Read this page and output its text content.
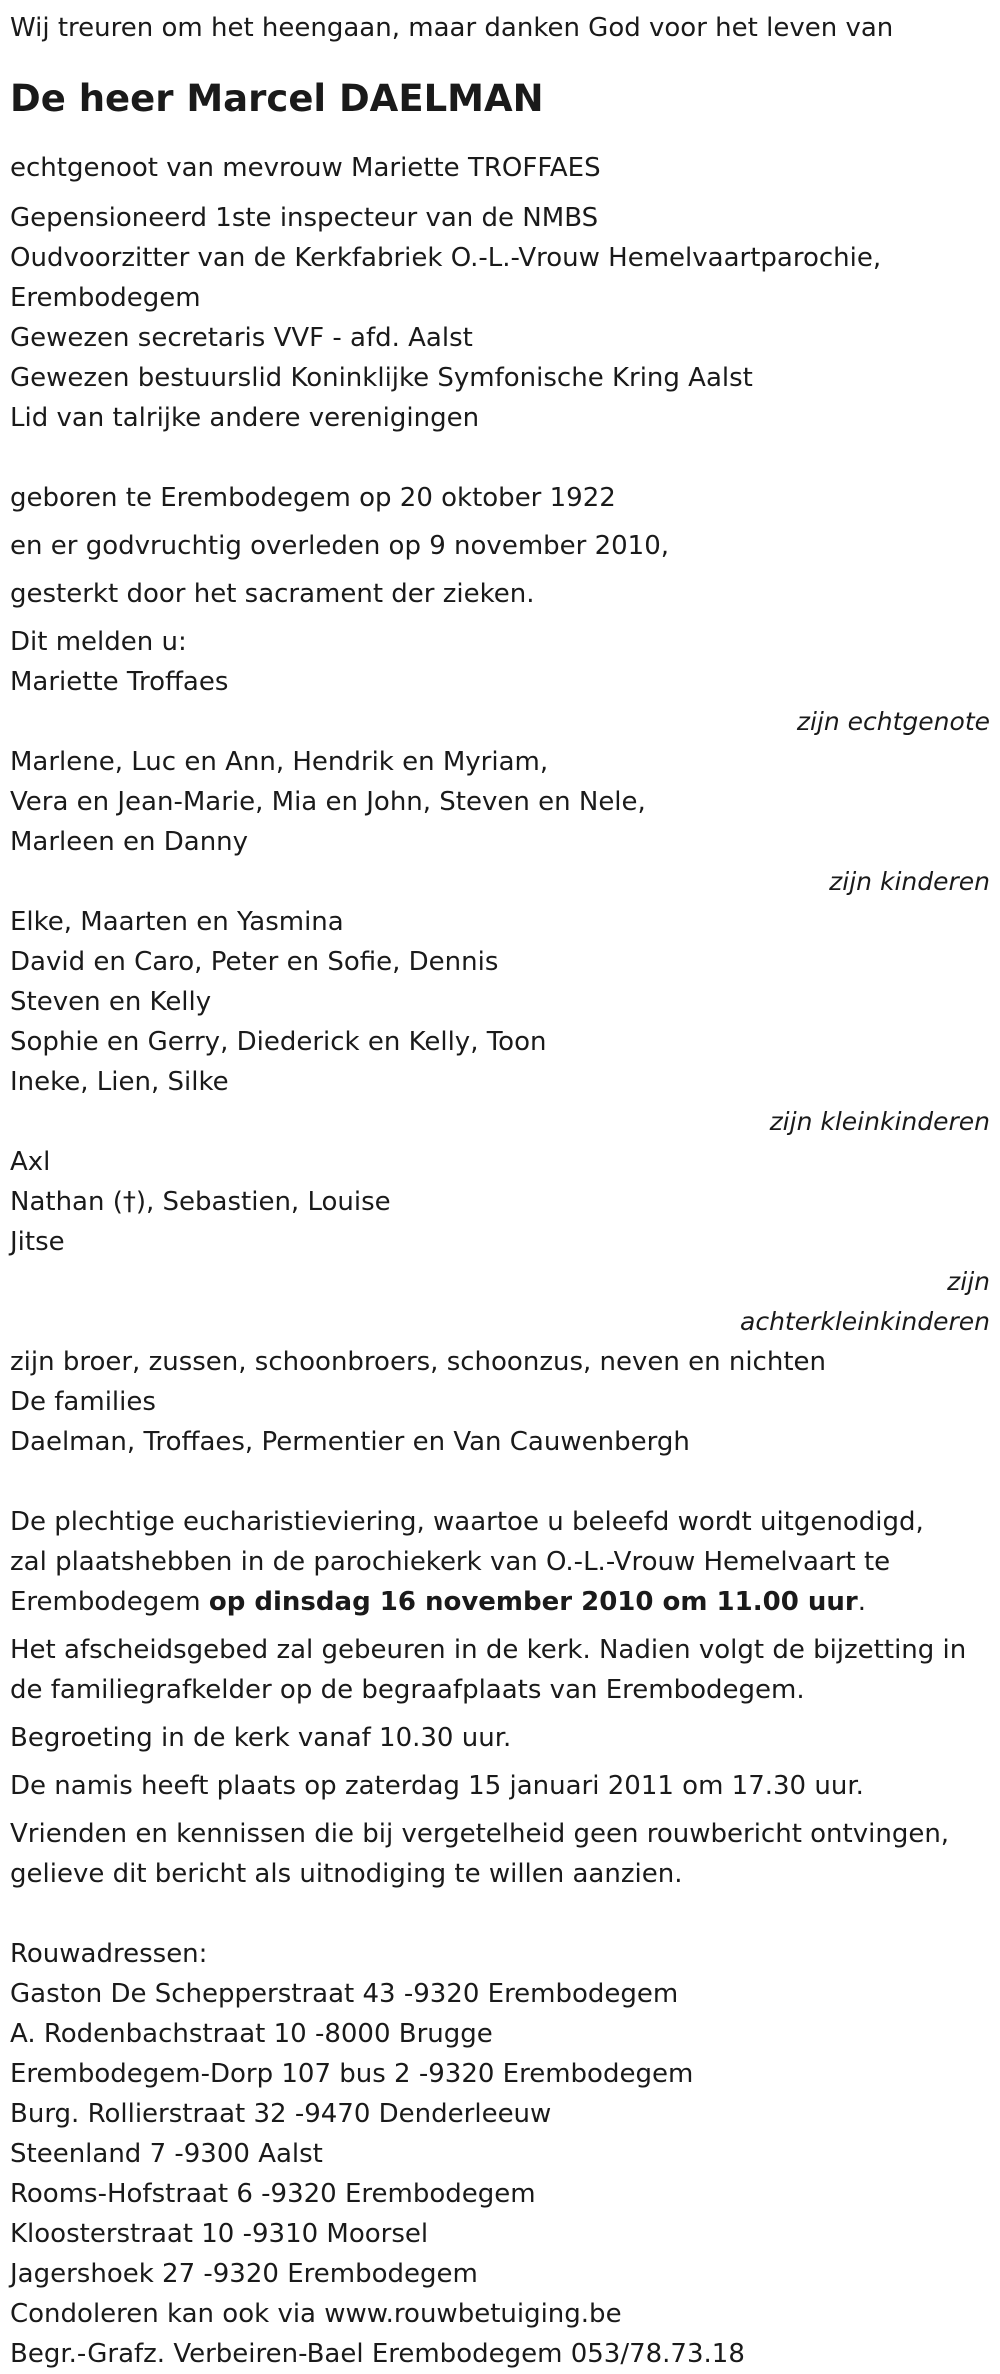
Wij treuren om het heengaan, maar danken God voor het leven van
De heer Marcel DAELMAN
echtgenoot van mevrouw Mariette TROFFAES
Gepensioneerd 1ste inspecteur van de NMBS
Oudvoorzitter van de Kerkfabriek O.-L.-Vrouw Hemelvaartparochie,
Erembodegem
Gewezen secretaris VVF - afd. Aalst
Gewezen bestuurslid Koninklijke Symfonische Kring Aalst
Lid van talrijke andere verenigingen
geboren te Erembodegem op 20 oktober 1922
en er godvruchtig overleden op 9 november 2010,
gesterkt door het sacrament der zieken.
Dit melden u:
Mariette Troffaes
zijn echtgenote
Marlene, Luc en Ann, Hendrik en Myriam,
Vera en Jean-Marie, Mia en John, Steven en Nele,
Marleen en Danny
zijn kinderen
Elke, Maarten en Yasmina
David en Caro, Peter en Sofie, Dennis
Steven en Kelly
Sophie en Gerry, Diederick en Kelly, Toon
Ineke, Lien, Silke
zijn kleinkinderen
Axl
Nathan (†), Sebastien, Louise
Jitse
zijn
achterkleinkinderen
zijn broer, zussen, schoonbroers, schoonzus, neven en nichten
De families
Daelman, Troffaes, Permentier en Van Cauwenbergh
De plechtige eucharistieviering, waartoe u beleefd wordt uitgenodigd,
zal plaatshebben in de parochiekerk van O.-L.-Vrouw Hemelvaart te
Erembodegem op dinsdag 16 november 2010 om 11.00 uur.
Het afscheidsgebed zal gebeuren in de kerk. Nadien volgt de bijzetting in
de familiegrafkelder op de begraafplaats van Erembodegem.
Begroeting in de kerk vanaf 10.30 uur.
De namis heeft plaats op zaterdag 15 januari 2011 om 17.30 uur.
Vrienden en kennissen die bij vergetelheid geen rouwbericht ontvingen,
gelieve dit bericht als uitnodiging te willen aanzien.
Rouwadressen:
Gaston De Schepperstraat 43 -9320 Erembodegem
A. Rodenbachstraat 10 -8000 Brugge
Erembodegem-Dorp 107 bus 2 -9320 Erembodegem
Burg. Rollierstraat 32 -9470 Denderleeuw
Steenland 7 -9300 Aalst
Rooms-Hofstraat 6 -9320 Erembodegem
Kloosterstraat 10 -9310 Moorsel
Jagershoek 27 -9320 Erembodegem
Condoleren kan ook via www.rouwbetuiging.be
Begr.-Grafz. Verbeiren-Bael Erembodegem 053/78.73.18
